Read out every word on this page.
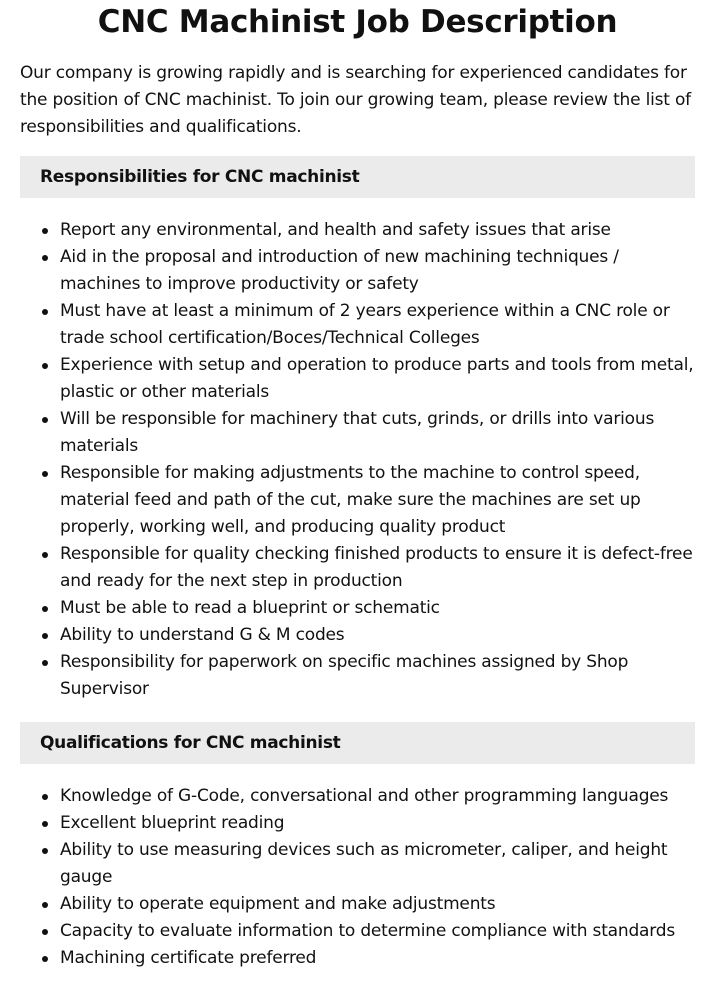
CNC Machinist Job Description

Our company is growing rapidly and is searching for experienced candidates for the position of CNC machinist. To join our growing team, please review the list of responsibilities and qualifications.

Responsibilities for CNC machinist
Report any environmental, and health and safety issues that arise
Aid in the proposal and introduction of new machining techniques / machines to improve productivity or safety
Must have at least a minimum of 2 years experience within a CNC role or trade school certification/Boces/Technical Colleges
Experience with setup and operation to produce parts and tools from metal, plastic or other materials
Will be responsible for machinery that cuts, grinds, or drills into various materials
Responsible for making adjustments to the machine to control speed, material feed and path of the cut, make sure the machines are set up properly, working well, and producing quality product
Responsible for quality checking finished products to ensure it is defect-free and ready for the next step in production
Must be able to read a blueprint or schematic
Ability to understand G & M codes
Responsibility for paperwork on specific machines assigned by Shop Supervisor
Qualifications for CNC machinist
Knowledge of G-Code, conversational and other programming languages
Excellent blueprint reading
Ability to use measuring devices such as micrometer, caliper, and height gauge
Ability to operate equipment and make adjustments
Capacity to evaluate information to determine compliance with standards
Machining certificate preferred
